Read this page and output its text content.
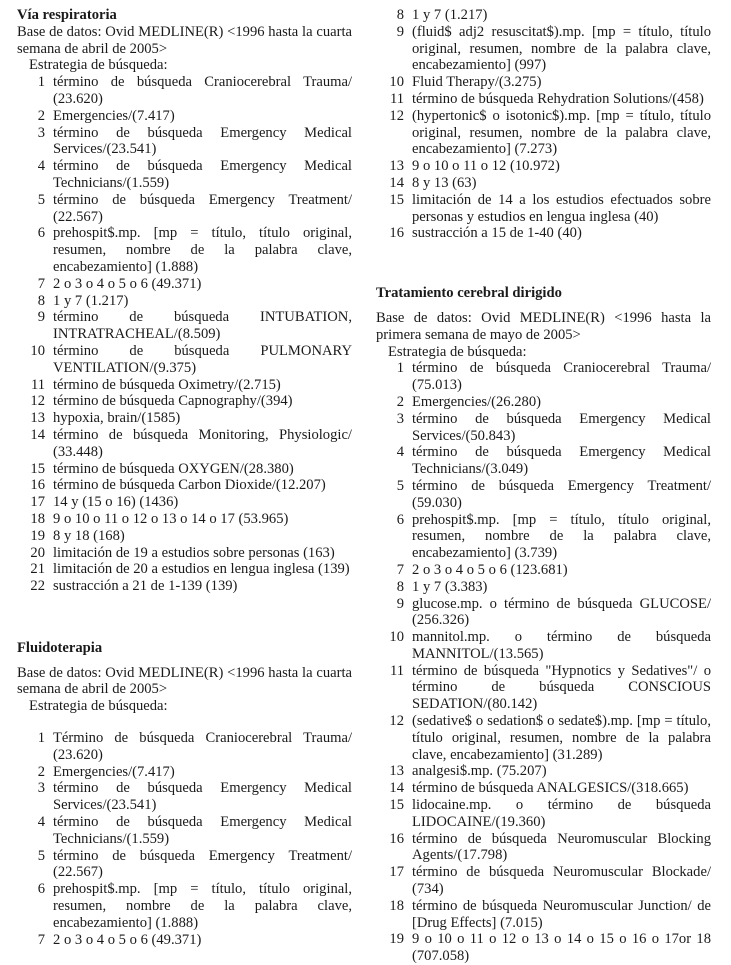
Vía respiratoria

Base de datos: Ovid MEDLINE(R) <1996 hasta la cuarta semana de abril de 2005>

Estrategia de búsqueda:

1 término de búsqueda Craniocerebral Trauma/ (23.620)
2 Emergencies/(7.417)
3 término de búsqueda Emergency Medical Services/(23.541)
4 término de búsqueda Emergency Medical Technicians/(1.559)
5 término de búsqueda Emergency Treatment/ (22.567)
6 prehospit$.mp. [mp = título, título original, resumen, nombre de la palabra clave, encabezamiento] (1.888)
7 2 o 3 o 4 o 5 o 6 (49.371)
8 1 y 7 (1.217)
9 término de búsqueda INTUBATION, INTRATRACHEAL/(8.509)
10 término de búsqueda PULMONARY VENTILATION/(9.375)
11 término de búsqueda Oximetry/(2.715)
12 término de búsqueda Capnography/(394)
13 hypoxia, brain/(1585)
14 término de búsqueda Monitoring, Physiologic/ (33.448)
15 término de búsqueda OXYGEN/(28.380)
16 término de búsqueda Carbon Dioxide/(12.207)
17 14 y (15 o 16) (1436)
18 9 o 10 o 11 o 12 o 13 o 14 o 17 (53.965)
19 8 y 18 (168)
20 limitación de 19 a estudios sobre personas (163)
21 limitación de 20 a estudios en lengua inglesa (139)
22 sustracción a 21 de 1-139 (139)
Fluidoterapia

Base de datos: Ovid MEDLINE(R) <1996 hasta la cuarta semana de abril de 2005>

Estrategia de búsqueda:

1 Término de búsqueda Craniocerebral Trauma/ (23.620)
2 Emergencies/(7.417)
3 término de búsqueda Emergency Medical Services/(23.541)
4 término de búsqueda Emergency Medical Technicians/(1.559)
5 término de búsqueda Emergency Treatment/ (22.567)
6 prehospit$.mp. [mp = título, título original, resumen, nombre de la palabra clave, encabezamiento] (1.888)
7 2 o 3 o 4 o 5 o 6 (49.371)
8 1 y 7 (1.217)
9 (fluid$ adj2 resuscitat$).mp. [mp = título, título original, resumen, nombre de la palabra clave, encabezamiento] (997)
10 Fluid Therapy/(3.275)
11 término de búsqueda Rehydration Solutions/(458)
12 (hypertonic$ o isotonic$).mp. [mp = título, título original, resumen, nombre de la palabra clave, encabezamiento] (7.273)
13 9 o 10 o 11 o 12 (10.972)
14 8 y 13 (63)
15 limitación de 14 a los estudios efectuados sobre personas y estudios en lengua inglesa (40)
16 sustracción a 15 de 1-40 (40)
Tratamiento cerebral dirigido

Base de datos: Ovid MEDLINE(R) <1996 hasta la primera semana de mayo de 2005>

Estrategia de búsqueda:

1 término de búsqueda Craniocerebral Trauma/ (75.013)
2 Emergencies/(26.280)
3 término de búsqueda Emergency Medical Services/(50.843)
4 término de búsqueda Emergency Medical Technicians/(3.049)
5 término de búsqueda Emergency Treatment/ (59.030)
6 prehospit$.mp. [mp = título, título original, resumen, nombre de la palabra clave, encabezamiento] (3.739)
7 2 o 3 o 4 o 5 o 6 (123.681)
8 1 y 7 (3.383)
9 glucose.mp. o término de búsqueda GLUCOSE/ (256.326)
10 mannitol.mp. o término de búsqueda MANNITOL/(13.565)
11 término de búsqueda "Hypnotics y Sedatives"/ o término de búsqueda CONSCIOUS SEDATION/(80.142)
12 (sedative$ o sedation$ o sedate$).mp. [mp = título, título original, resumen, nombre de la palabra clave, encabezamiento] (31.289)
13 analgesi$.mp. (75.207)
14 término de búsqueda ANALGESICS/(318.665)
15 lidocaine.mp. o término de búsqueda LIDOCAINE/(19.360)
16 término de búsqueda Neuromuscular Blocking Agents/(17.798)
17 término de búsqueda Neuromuscular Blockade/ (734)
18 término de búsqueda Neuromuscular Junction/ de [Drug Effects] (7.015)
19 9 o 10 o 11 o 12 o 13 o 14 o 15 o 16 o 17or 18 (707.058)
